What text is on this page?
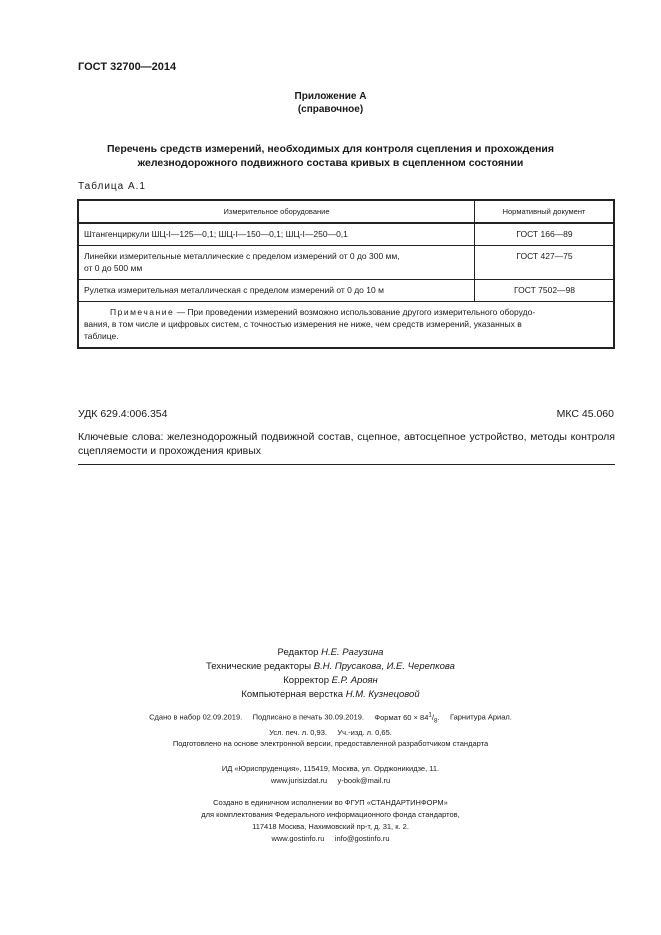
ГОСТ 32700—2014
Приложение А
(справочное)
Перечень средств измерений, необходимых для контроля сцепления и прохождения
железнодорожного подвижного состава кривых в сцепленном состоянии
Таблица А.1
Измерительное оборудование	Нормативный документ
Штангенциркули ШЦ-I—125—0,1; ШЦ-I—150—0,1; ШЦ-I—250—0,1	ГОСТ 166—89

Линейки измерительные металлические с пределом измерений от 0 до 300 мм,
от 0 до 500 мм	ГОСТ 427—75
Рулетка измерительная металлическая с пределом измерений от 0 до 10 м	ГОСТ 7502—98

Примечание — При проведении измерений возможно использование другого измерительного оборудо-
вания, в том числе и цифровых систем, с точностью измерения не ниже, чем средств измерений, указанных в
таблице.	
УДК 629.4:006.354	МКС 45.060
Ключевые слова: железнодорожный подвижной состав, сцепное, автосцепное устройство, методы контроля сцепляемости и прохождения кривых
Редактор Н.Е. Рагузина
Технические редакторы В.Н. Прусакова, И.Е. Черепкова
Корректор Е.Р. Ароян
Компьютерная верстка Н.М. Кузнецовой
Сдано в набор 02.09.2019. Подписано в печать 30.09.2019. Формат $60 \times 84^1/_8$. Гарнитура Ариал.
Усл. печ. л. 0,93. Уч.-изд. л. 0,65.
Подготовлено на основе электронной версии, предоставленной разработчиком стандарта
ИД «Юриспруденция», 115419, Москва, ул. Орджоникидзе, 11.
www.jurisizdat.ru y-book@mail.ru
Создано в единичном исполнении во ФГУП «СТАНДАРТИНФОРМ»
для комплектования Федерального информационного фонда стандартов,
117418 Москва, Нахимовский пр-т, д. 31, к. 2.
www.gostinfo.ru info@gostinfo.ru
